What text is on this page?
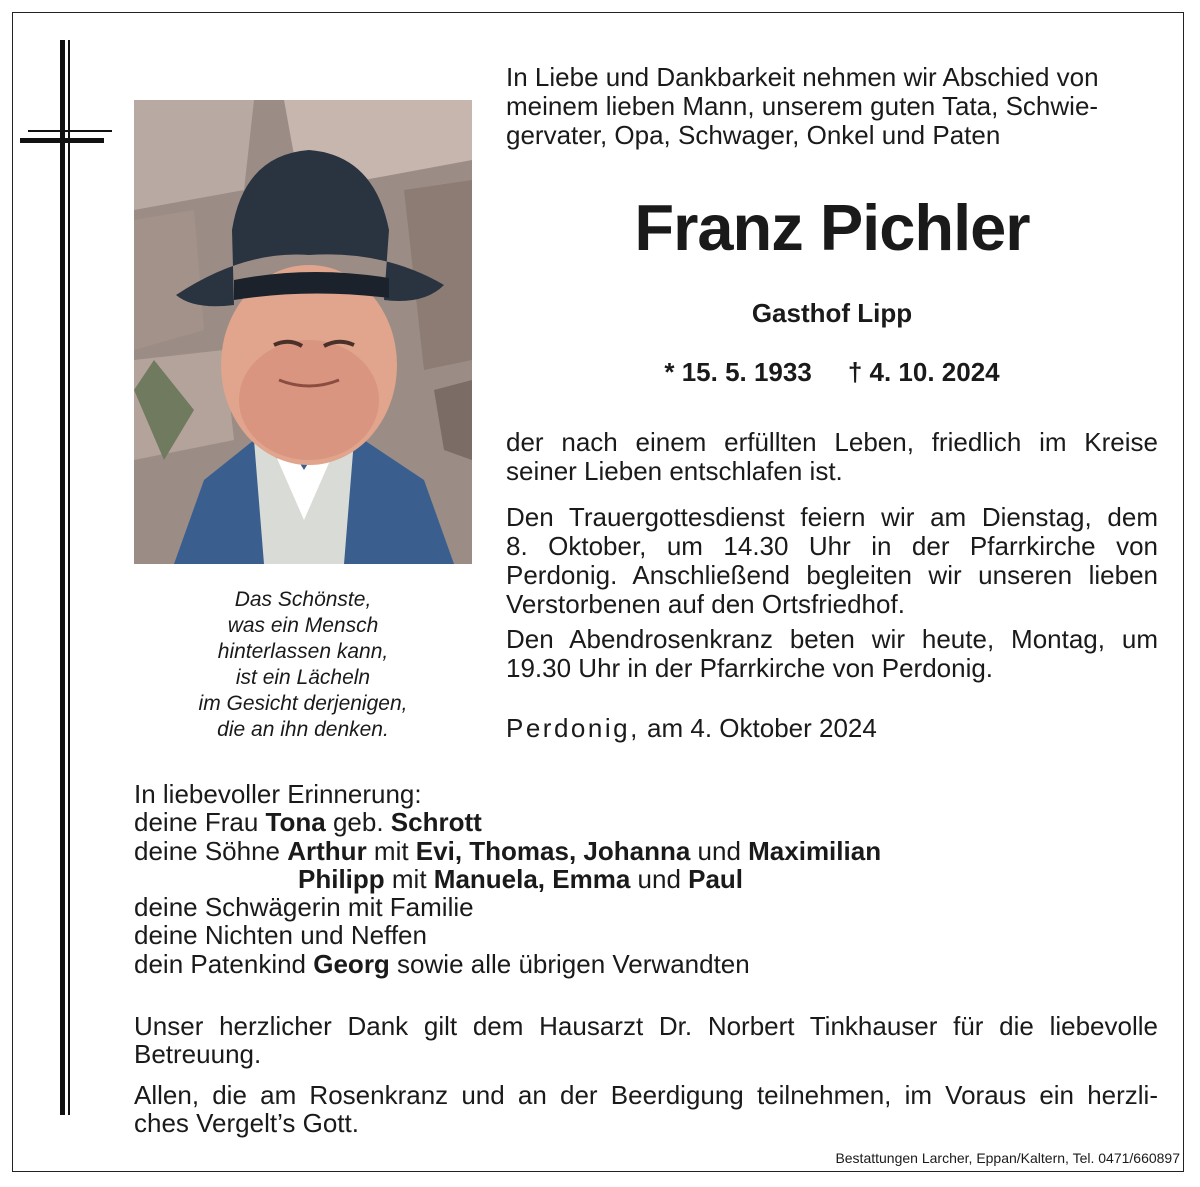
Das Schönste,
was ein Mensch
hinterlassen kann,
ist ein Lächeln
im Gesicht derjenigen,
die an ihn denken.
In Liebe und Dankbarkeit nehmen wir Abschied von
meinem lieben Mann, unserem guten Tata, Schwie-
gervater, Opa, Schwager, Onkel und Paten
Franz Pichler
Gasthof Lipp
* 15. 5. 1933 † 4. 10. 2024
der nach einem erfüllten Leben, friedlich im Kreise
seiner Lieben entschlafen ist.
Den Trauergottesdienst feiern wir am Dienstag, dem
8. Oktober, um 14.30 Uhr in der Pfarrkirche von
Perdonig. Anschließend begleiten wir unseren lieben
Verstorbenen auf den Ortsfriedhof.
Den Abendrosenkranz beten wir heute, Montag, um
19.30 Uhr in der Pfarrkirche von Perdonig.
Perdonig, am 4. Oktober 2024
In liebevoller Erinnerung:
deine Frau Tona geb. Schrott
deine Söhne Arthur mit Evi, Thomas, Johanna und Maximilian
Philipp mit Manuela, Emma und Paul
deine Schwägerin mit Familie
deine Nichten und Neffen
dein Patenkind Georg sowie alle übrigen Verwandten
Unser herzlicher Dank gilt dem Hausarzt Dr. Norbert Tinkhauser für die liebevolle
Betreuung.
Allen, die am Rosenkranz und an der Beerdigung teilnehmen, im Voraus ein herzli-
ches Vergelt’s Gott.
Bestattungen Larcher, Eppan/Kaltern, Tel. 0471/660897
